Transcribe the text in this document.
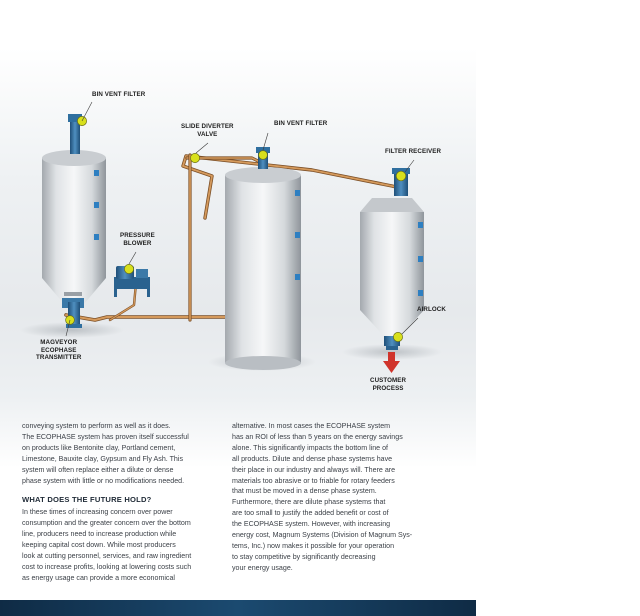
BIN VENT FILTER
SLIDE DIVERTER
VALVE
BIN VENT FILTER
FILTER RECEIVER
PRESSURE
BLOWER
AIRLOCK
MAGVEYOR
ECOPHASE
TRANSMITTER
CUSTOMER
PROCESS

conveying system to perform as well as it does.

The ECOPHASE system has proven itself successful

on products like Bentonite clay, Portland cement,

Limestone, Bauxite clay, Gypsum and Fly Ash. This

system will often replace either a dilute or dense

phase system with little or no modifications needed.

WHAT DOES THE FUTURE HOLD?

In these times of increasing concern over power

consumption and the greater concern over the bottom

line, producers need to increase production while

keeping capital cost down. While most producers

look at cutting personnel, services, and raw ingredient

cost to increase profits, looking at lowering costs such

as energy usage can provide a more economical

alternative. In most cases the ECOPHASE system

has an ROI of less than 5 years on the energy savings

alone. This significantly impacts the bottom line of

all products. Dilute and dense phase systems have

their place in our industry and always will. There are

materials too abrasive or to friable for rotary feeders

that must be moved in a dense phase system.

Furthermore, there are dilute phase systems that

are too small to justify the added benefit or cost of

the ECOPHASE system. However, with increasing

energy cost, Magnum Systems (Division of Magnum Sys-

tems, Inc.) now makes it possible for your operation

to stay competitive by significantly decreasing

your energy usage.
